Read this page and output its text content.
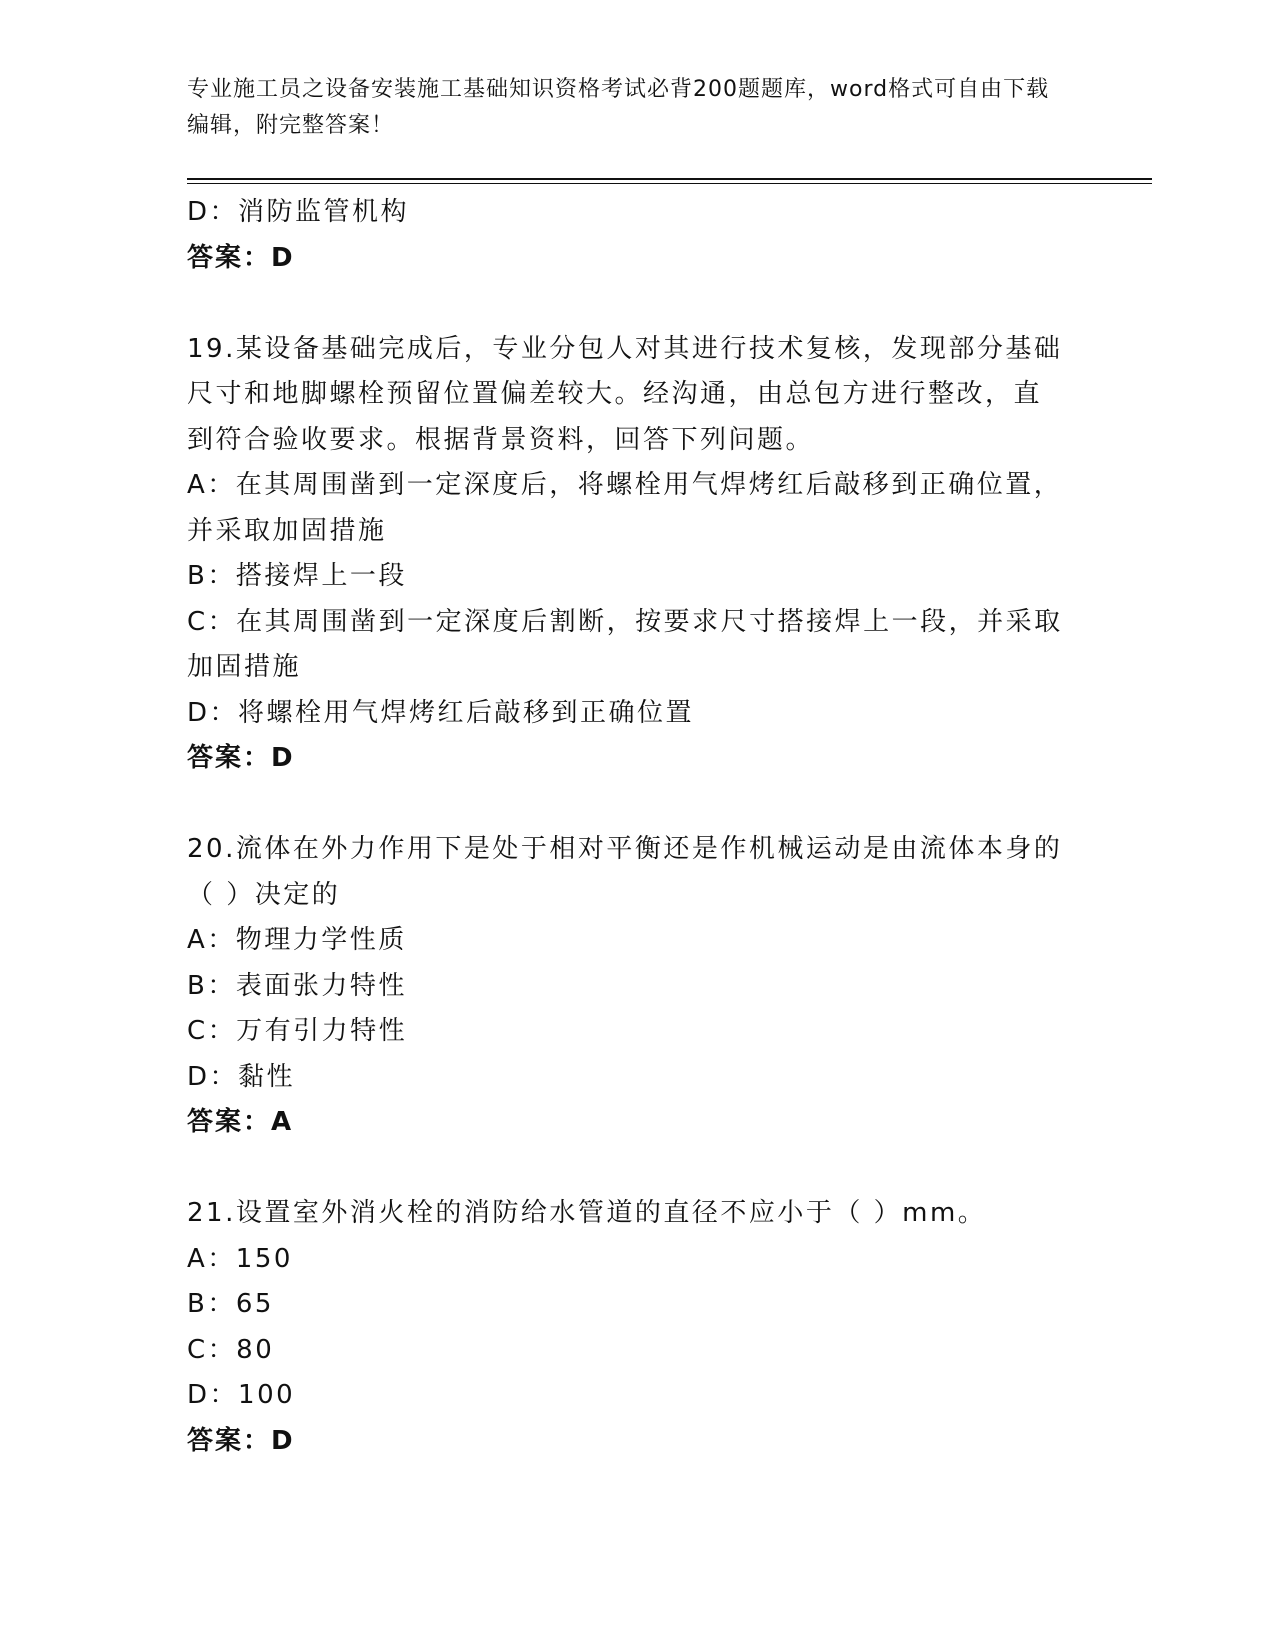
专业施工员之设备安装施工基础知识资格考试必背200题题库，word格式可自由下载编辑，附完整答案！
D：消防监管机构
答案：D
19.某设备基础完成后，专业分包人对其进行技术复核，发现部分基础
尺寸和地脚螺栓预留位置偏差较大。经沟通，由总包方进行整改，直
到符合验收要求。根据背景资料，回答下列问题。
A：在其周围凿到一定深度后，将螺栓用气焊烤红后敲移到正确位置，
并采取加固措施
B：搭接焊上一段
C：在其周围凿到一定深度后割断，按要求尺寸搭接焊上一段，并采取
加固措施
D：将螺栓用气焊烤红后敲移到正确位置
答案：D
20.流体在外力作用下是处于相对平衡还是作机械运动是由流体本身的
（ ）决定的
A：物理力学性质
B：表面张力特性
C：万有引力特性
D：黏性
答案：A
21.设置室外消火栓的消防给水管道的直径不应小于（ ）mm。
A：150
B：65
C：80
D：100
答案：D
